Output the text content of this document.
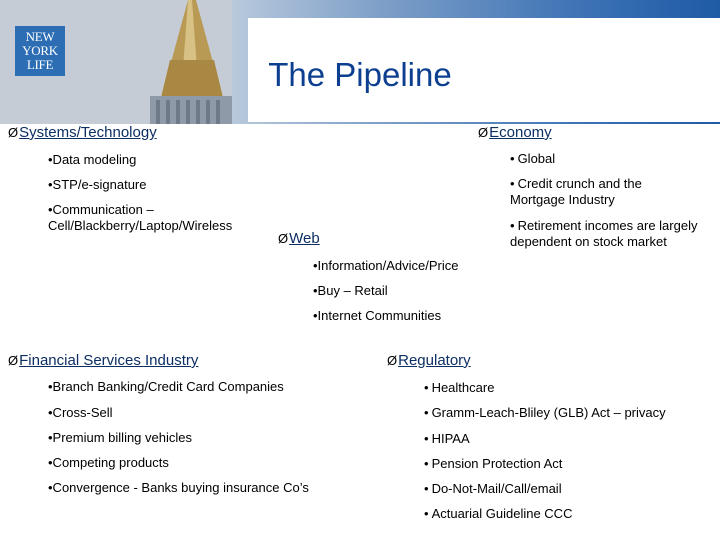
The Pipeline
NEW
YORK
LIFE
ØSystems/Technology
•Data modeling
•STP/e-signature
•Communication – Cell/Blackberry/Laptop/Wireless
ØEconomy
• Global
• Credit crunch and the Mortgage Industry
• Retirement incomes are largely dependent on stock market
ØWeb
•Information/Advice/Price
•Buy – Retail
•Internet Communities
ØFinancial Services Industry
•Branch Banking/Credit Card Companies
•Cross-Sell
•Premium billing vehicles
•Competing products
•Convergence - Banks buying insurance Co’s
ØRegulatory
• Healthcare
• Gramm-Leach-Bliley (GLB) Act – privacy
• HIPAA
• Pension Protection Act
• Do-Not-Mail/Call/email
• Actuarial Guideline CCC
